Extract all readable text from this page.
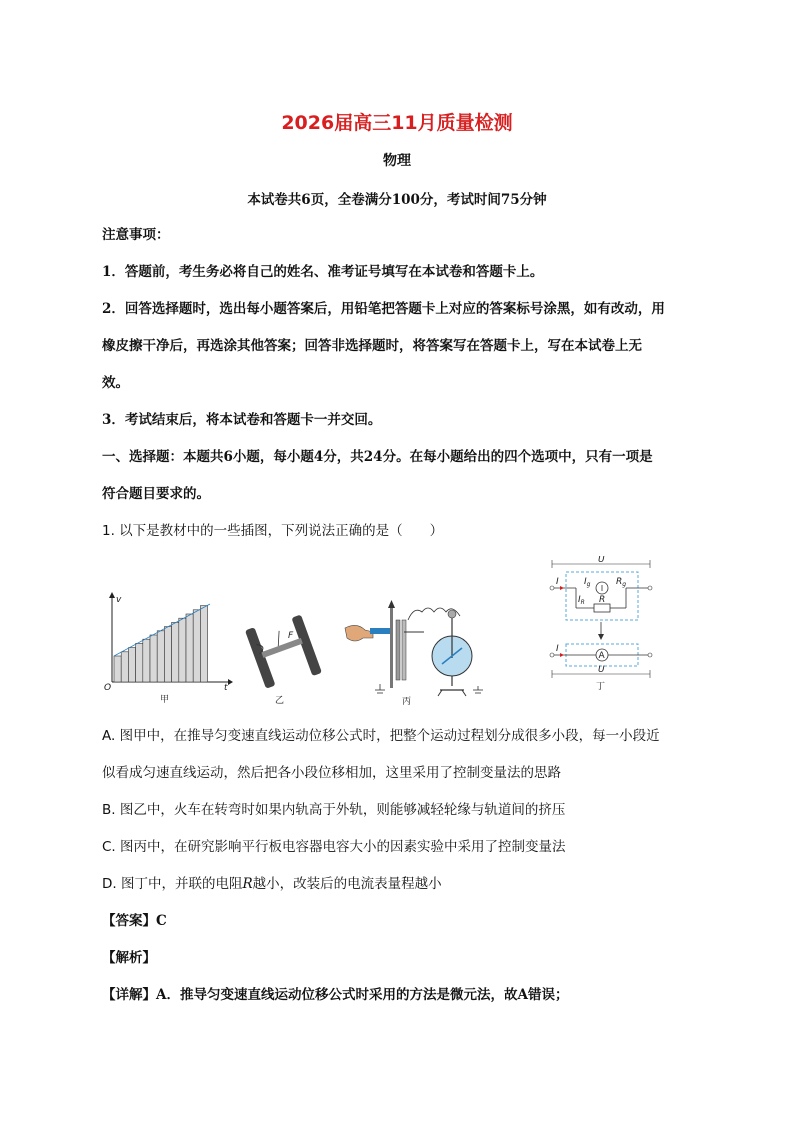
2026届高三11月质量检测
物理
本试卷共6页，全卷满分100分，考试时间75分钟
注意事项：
1．答题前，考生务必将自己的姓名、准考证号填写在本试卷和答题卡上。
2．回答选择题时，选出每小题答案后，用铅笔把答题卡上对应的答案标号涂黑，如有改动，用
橡皮擦干净后，再选涂其他答案；回答非选择题时，将答案写在答题卡上，写在本试卷上无
效。
3．考试结束后，将本试卷和答题卡一并交回。
一、选择题：本题共6小题，每小题4分，共24分。在每小题给出的四个选项中，只有一项是
符合题目要求的。
1. 以下是教材中的一些插图，下列说法正确的是（　　）
v
t
O
甲
F
乙	丙
U
I	$I_g$	$R_g$
$I_R$ R
I
A
U
丁
A. 图甲中，在推导匀变速直线运动位移公式时，把整个运动过程划分成很多小段，每一小段近
似看成匀速直线运动，然后把各小段位移相加，这里采用了控制变量法的思路
B. 图乙中，火车在转弯时如果内轨高于外轨，则能够减轻轮缘与轨道间的挤压
C. 图丙中，在研究影响平行板电容器电容大小的因素实验中采用了控制变量法
D. 图丁中，并联的电阻R越小，改装后的电流表量程越小
【答案】C
【解析】
【详解】A．推导匀变速直线运动位移公式时采用的方法是微元法，故A错误；
